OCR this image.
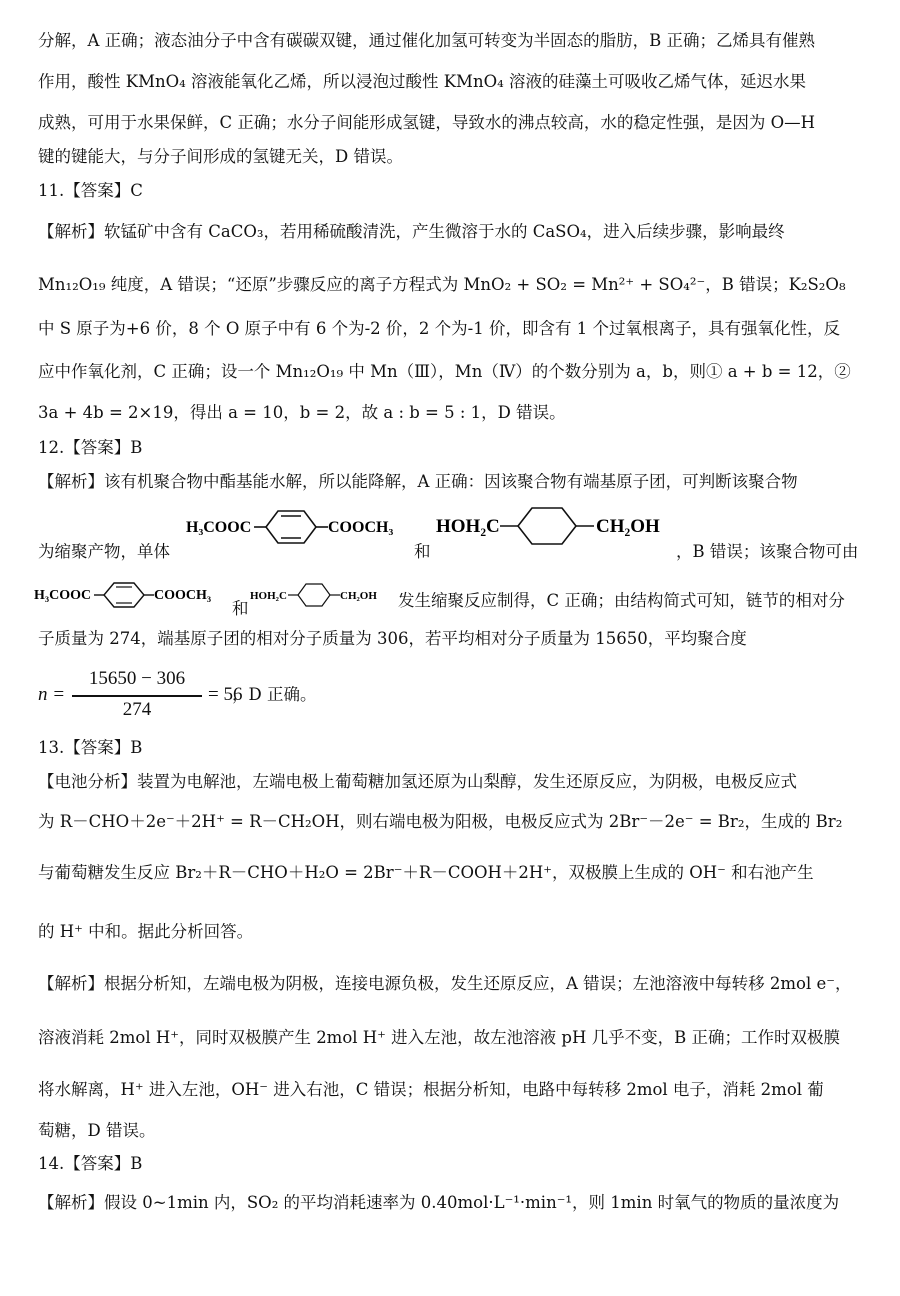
分解，A 正确；液态油分子中含有碳碳双键，通过催化加氢可转变为半固态的脂肪，B 正确；乙烯具有催熟
作用，酸性 KMnO₄ 溶液能氧化乙烯，所以浸泡过酸性 KMnO₄ 溶液的硅藻土可吸收乙烯气体，延迟水果
成熟，可用于水果保鲜，C 正确；水分子间能形成氢键，导致水的沸点较高，水的稳定性强，是因为 O—H
键的键能大，与分子间形成的氢键无关，D 错误。
11.【答案】C
【解析】软锰矿中含有 CaCO₃，若用稀硫酸清洗，产生微溶于水的 CaSO₄，进入后续步骤，影响最终
Mn₁₂O₁₉ 纯度，A 错误；“还原”步骤反应的离子方程式为 MnO₂ + SO₂ = Mn²⁺ + SO₄²⁻，B 错误；K₂S₂O₈
中 S 原子为+6 价，8 个 O 原子中有 6 个为-2 价，2 个为-1 价，即含有 1 个过氧根离子，具有强氧化性，反
应中作氧化剂，C 正确；设一个 Mn₁₂O₁₉ 中 Mn（Ⅲ），Mn（Ⅳ）的个数分别为 a，b，则① a + b = 12，②
3a + 4b = 2×19，得出 a = 10，b = 2，故 a : b = 5 : 1，D 错误。
12.【答案】B
【解析】该有机聚合物中酯基能水解，所以能降解，A 正确：因该聚合物有端基原子团，可判断该聚合物
为缩聚产物，单体
H₃COOC	COOCH₃
和
HOH₂C	CH₂OH
，B 错误；该聚合物可由
H₃COOC	COOCH₃
和
HOH₂C	CH₂OH 发生缩聚反应制得，C 正确；由结构简式可知，链节的相对分
子质量为 274，端基原子团的相对分子质量为 306，若平均相对分子质量为 15650，平均聚合度
n =
15650 − 306
274
= 56
，D 正确。
13.【答案】B
【电池分析】装置为电解池，左端电极上葡萄糖加氢还原为山梨醇，发生还原反应，为阴极，电极反应式
为 R－CHO＋2e⁻＋2H⁺ = R－CH₂OH，则右端电极为阳极，电极反应式为 2Br⁻－2e⁻ = Br₂，生成的 Br₂
与葡萄糖发生反应 Br₂＋R－CHO＋H₂O = 2Br⁻＋R－COOH＋2H⁺，双极膜上生成的 OH⁻ 和右池产生
的 H⁺ 中和。据此分析回答。
【解析】根据分析知，左端电极为阴极，连接电源负极，发生还原反应，A 错误；左池溶液中每转移 2mol e⁻，
溶液消耗 2mol H⁺，同时双极膜产生 2mol H⁺ 进入左池，故左池溶液 pH 几乎不变，B 正确；工作时双极膜
将水解离，H⁺ 进入左池，OH⁻ 进入右池，C 错误；根据分析知，电路中每转移 2mol 电子，消耗 2mol 葡
萄糖，D 错误。
14.【答案】B
【解析】假设 0~1min 内，SO₂ 的平均消耗速率为 0.40mol·L⁻¹·min⁻¹，则 1min 时氧气的物质的量浓度为
